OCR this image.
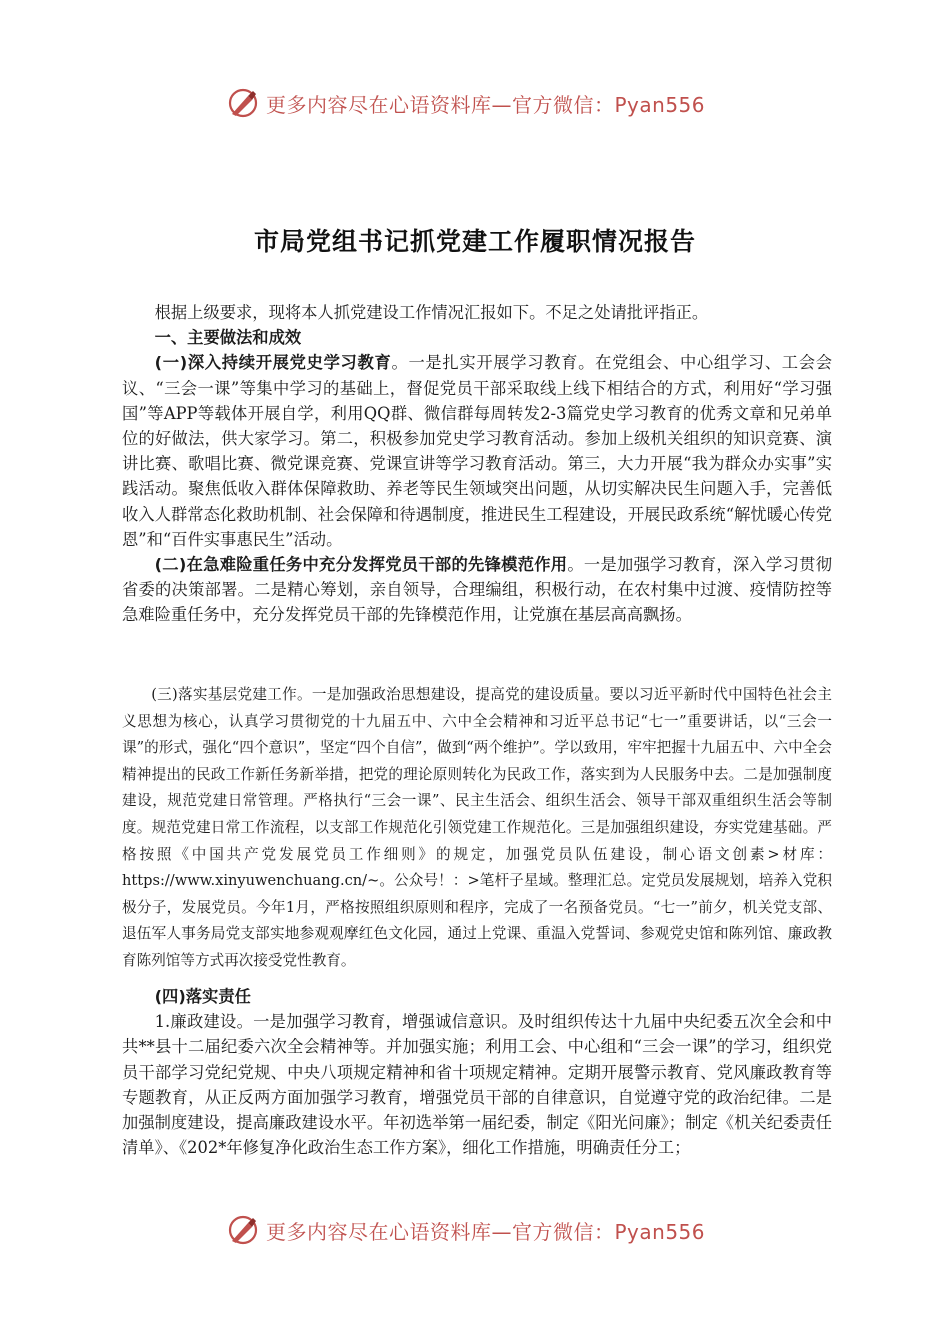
更多内容尽在心语资料库—官方微信：Pyan556
市局党组书记抓党建工作履职情况报告

根据上级要求，现将本人抓党建设工作情况汇报如下。不足之处请批评指正。

一、主要做法和成效

(一)深入持续开展党史学习教育。一是扎实开展学习教育。在党组会、中心组学习、工会会议、“三会一课”等集中学习的基础上，督促党员干部采取线上线下相结合的方式，利用好“学习强国”等APP等载体开展自学，利用QQ群、微信群每周转发2-3篇党史学习教育的优秀文章和兄弟单位的好做法，供大家学习。第二，积极参加党史学习教育活动。参加上级机关组织的知识竞赛、演讲比赛、歌唱比赛、微党课竞赛、党课宣讲等学习教育活动。第三，大力开展“我为群众办实事”实践活动。聚焦低收入群体保障救助、养老等民生领域突出问题，从切实解决民生问题入手，完善低收入人群常态化救助机制、社会保障和待遇制度，推进民生工程建设，开展民政系统“解忧暖心传党恩”和“百件实事惠民生”活动。

(二)在急难险重任务中充分发挥党员干部的先锋模范作用。一是加强学习教育，深入学习贯彻省委的决策部署。二是精心筹划，亲自领导，合理编组，积极行动，在农村集中过渡、疫情防控等急难险重任务中，充分发挥党员干部的先锋模范作用，让党旗在基层高高飘扬。

(三)落实基层党建工作。一是加强政治思想建设，提高党的建设质量。要以习近平新时代中国特色社会主义思想为核心，认真学习贯彻党的十九届五中、六中全会精神和习近平总书记“七一”重要讲话，以“三会一课”的形式，强化“四个意识”，坚定“四个自信”，做到“两个维护”。学以致用，牢牢把握十九届五中、六中全会精神提出的民政工作新任务新举措，把党的理论原则转化为民政工作，落实到为人民服务中去。二是加强制度建设，规范党建日常管理。严格执行“三会一课”、民主生活会、组织生活会、领导干部双重组织生活会等制度。规范党建日常工作流程，以支部工作规范化引领党建工作规范化。三是加强组织建设，夯实党建基础。严格按照《中国共产党发展党员工作细则》的规定，加强党员队伍建设，制心语文创素>材库：https://www.xinyuwenchuang.cn/~。公众号！：>笔杆子星域。整理汇总。定党员发展规划，培养入党积极分子，发展党员。今年1月，严格按照组织原则和程序，完成了一名预备党员。“七一”前夕，机关党支部、退伍军人事务局党支部实地参观观摩红色文化园，通过上党课、重温入党誓词、参观党史馆和陈列馆、廉政教育陈列馆等方式再次接受党性教育。

(四)落实责任

1.廉政建设。一是加强学习教育，增强诚信意识。及时组织传达十九届中央纪委五次全会和中共**县十二届纪委六次全会精神等。并加强实施；利用工会、中心组和“三会一课”的学习，组织党员干部学习党纪党规、中央八项规定精神和省十项规定精神。定期开展警示教育、党风廉政教育等专题教育，从正反两方面加强学习教育，增强党员干部的自律意识，自觉遵守党的政治纪律。二是加强制度建设，提高廉政建设水平。年初选举第一届纪委，制定《阳光问廉》；制定《机关纪委责任清单》、《202*年修复净化政治生态工作方案》，细化工作措施，明确责任分工；

更多内容尽在心语资料库—官方微信：Pyan556
